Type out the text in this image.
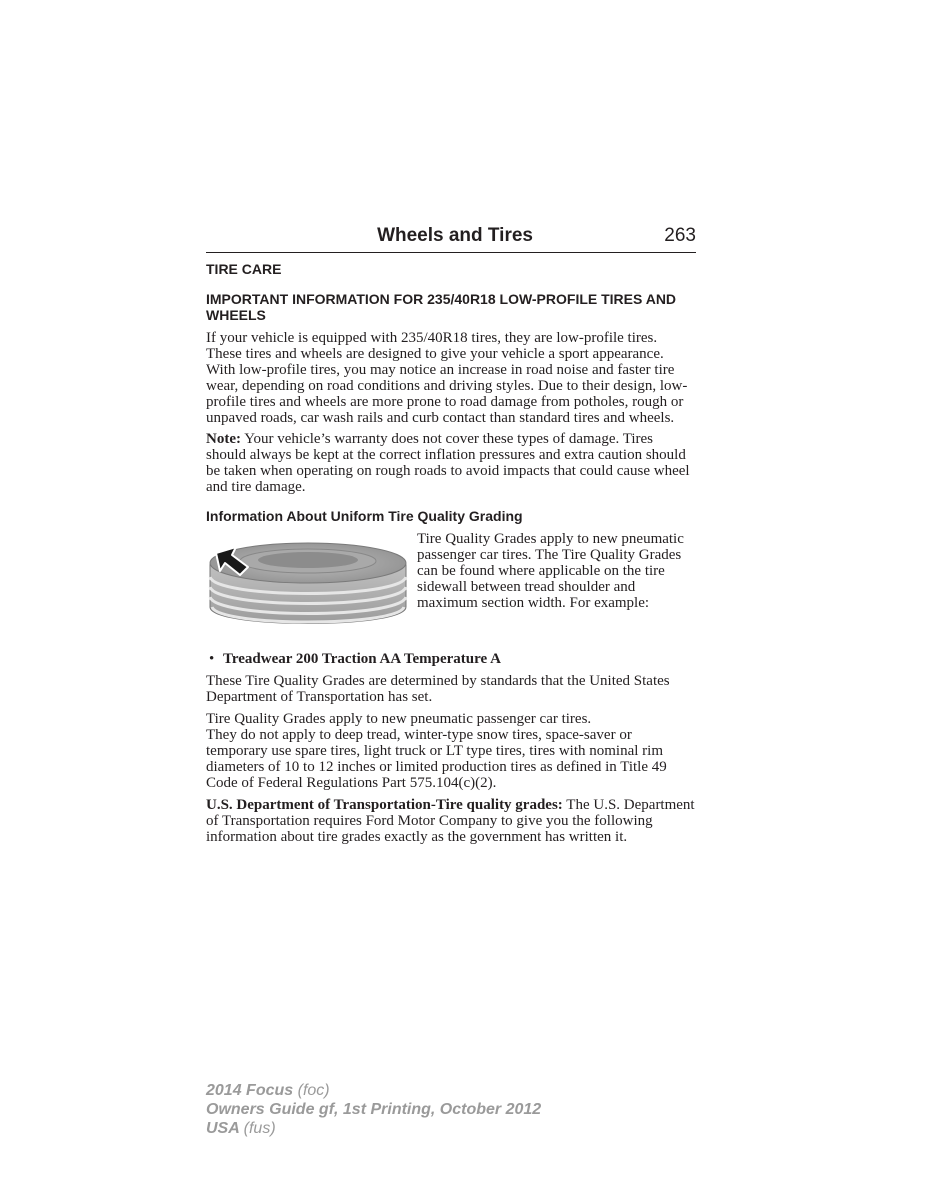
Wheels and Tires	263
TIRE CARE
IMPORTANT INFORMATION FOR 235/40R18 LOW-PROFILE TIRES AND WHEELS

If your vehicle is equipped with 235/40R18 tires, they are low-profile tires. These tires and wheels are designed to give your vehicle a sport appearance. With low-profile tires, you may notice an increase in road noise and faster tire wear, depending on road conditions and driving styles. Due to their design, low-profile tires and wheels are more prone to road damage from potholes, rough or unpaved roads, car wash rails and curb contact than standard tires and wheels.

Note: Your vehicle’s warranty does not cover these types of damage. Tires should always be kept at the correct inflation pressures and extra caution should be taken when operating on rough roads to avoid impacts that could cause wheel and tire damage.

Information About Uniform Tire Quality Grading

Tire Quality Grades apply to new pneumatic passenger car tires. The Tire Quality Grades can be found where applicable on the tire sidewall between tread shoulder and maximum section width. For example:

• Treadwear 200 Traction AA Temperature A

These Tire Quality Grades are determined by standards that the United States Department of Transportation has set.

Tire Quality Grades apply to new pneumatic passenger car tires.
They do not apply to deep tread, winter-type snow tires, space-saver or temporary use spare tires, light truck or LT type tires, tires with nominal rim diameters of 10 to 12 inches or limited production tires as defined in Title 49 Code of Federal Regulations Part 575.104(c)(2).

U.S. Department of Transportation-Tire quality grades: The U.S. Department of Transportation requires Ford Motor Company to give you the following information about tire grades exactly as the government has written it.

2014 Focus (foc)
Owners Guide gf, 1st Printing, October 2012
USA (fus)
